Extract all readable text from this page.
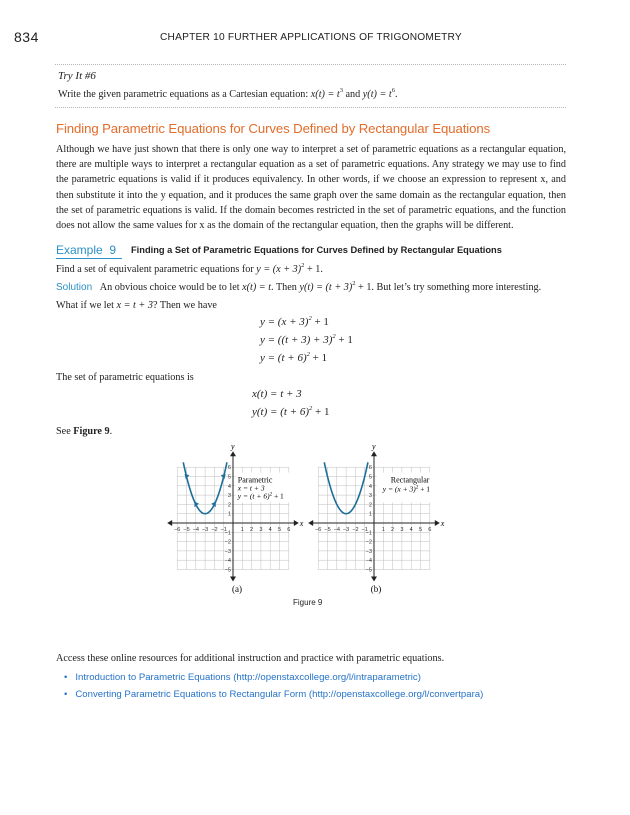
834	CHAPTER 10 FURTHER APPLICATIONS OF TRIGONOMETRY
Try It #6
Write the given parametric equations as a Cartesian equation: $x(t) = t^3$ and $y(t) = t^6$.
Finding Parametric Equations for Curves Defined by Rectangular Equations
Although we have just shown that there is only one way to interpret a set of parametric equations as a rectangular equation, there are multiple ways to interpret a rectangular equation as a set of parametric equations. Any strategy we may use to find the parametric equations is valid if it produces equivalency. In other words, if we choose an expression to represent x, and then substitute it into the y equation, and it produces the same graph over the same domain as the rectangular equation, then the set of parametric equations is valid. If the domain becomes restricted in the set of parametric equations, and the function does not allow the same values for x as the domain of the rectangular equation, then the graphs will be different.
Example 9 Finding a Set of Parametric Equations for Curves Defined by Rectangular Equations
Find a set of equivalent parametric equations for $y = (x + 3)^2 + 1$.
Solution An obvious choice would be to let x(t) = t. Then $y(t) = (t + 3)^2 + 1$. But let’s try something more interesting.
What if we let x = t + 3? Then we have
$y = (x + 3)^2 + 1$
$y = ((t + 3) + 3)^2 + 1$
$y = (t + 6)^2 + 1$
The set of parametric equations is
x(t) = t + 3
$y(t) = (t + 6)^2 + 1$
See Figure 9.
x
y
−6 −5 −4 −3 −2 −1 1 2 3 4 5 6
−5
−4
−3
−2
−1
1
2
3
4
5
6
Parametric
x = t + 3
$y = (t + 6)^2 + 1$
(a)
x
y
−6 −5 −4 −3 −2 −1 1 2 3 4 5 6
−5
−4
−3
−2
−1
1
2
3
4
5
6
Rectangular
$y = (x + 3)^2 + 1$
(b)
Figure 9
Access these online resources for additional instruction and practice with parametric equations.
• Introduction to Parametric Equations (http://openstaxcollege.org/l/intraparametric)
• Converting Parametric Equations to Rectangular Form (http://openstaxcollege.org/l/convertpara)
